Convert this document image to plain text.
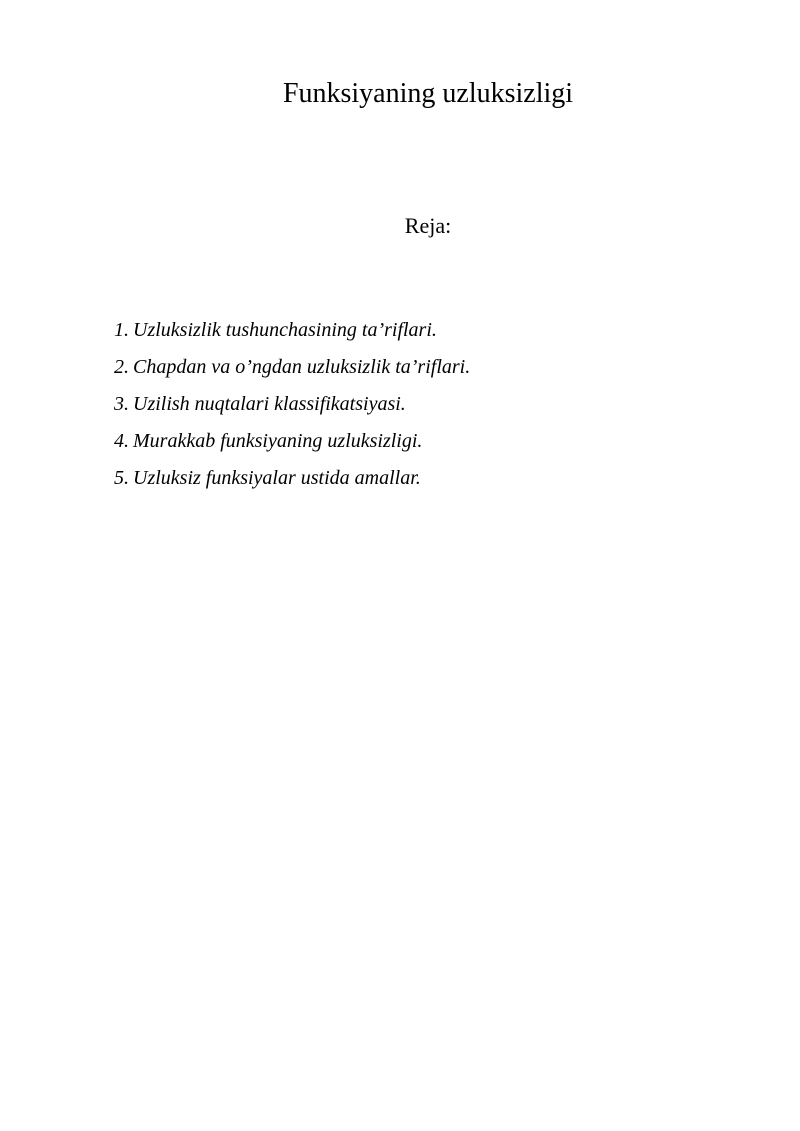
Funksiyaning uzluksizligi
Reja:
1. Uzluksizlik tushunchasining ta’riflari.
2. Chapdan va o’ngdan uzluksizlik ta’riflari.
3. Uzilish nuqtalari klassifikatsiyasi.
4. Murakkab funksiyaning uzluksizligi.
5. Uzluksiz funksiyalar ustida amallar.
